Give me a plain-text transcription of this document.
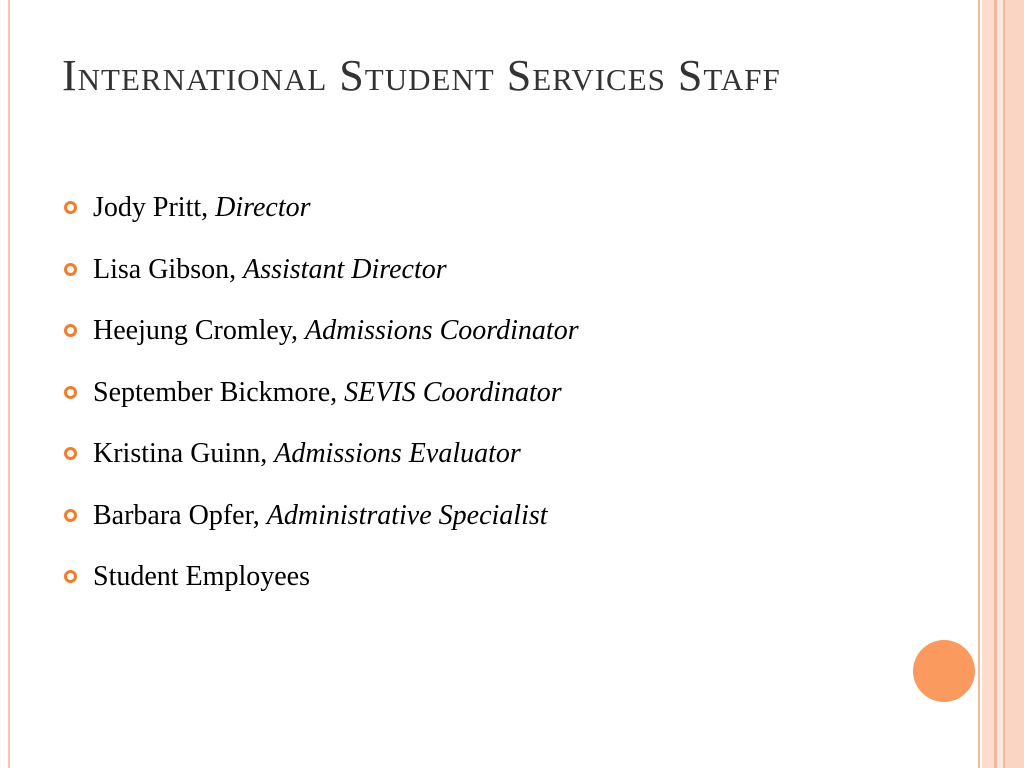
International Student Services Staff
Jody Pritt, Director
Lisa Gibson, Assistant Director
Heejung Cromley, Admissions Coordinator
September Bickmore, SEVIS Coordinator
Kristina Guinn, Admissions Evaluator
Barbara Opfer, Administrative Specialist
Student Employees
